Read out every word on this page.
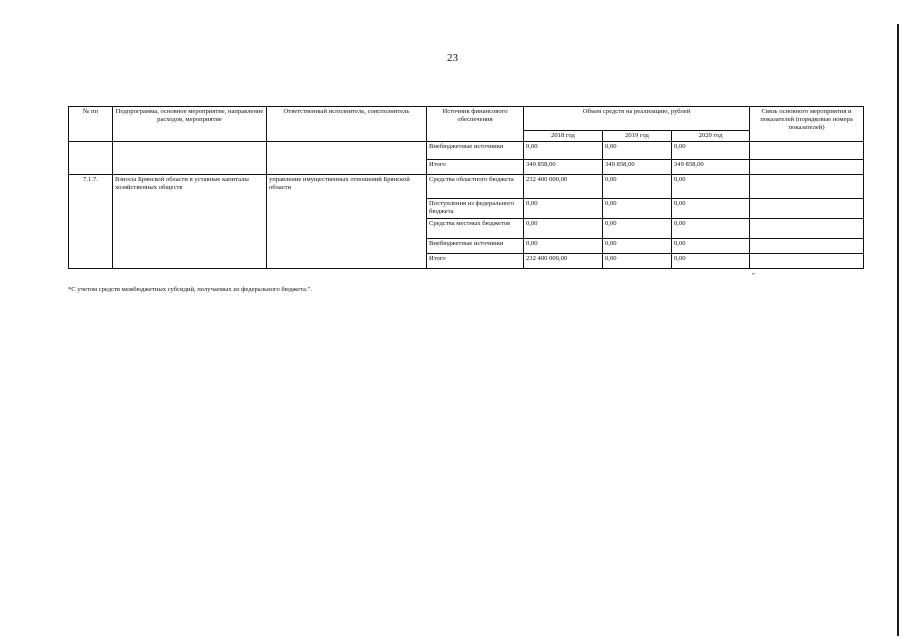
23
№ пп	Подпрограмма, основное мероприятие, направление расходов, мероприятие	Ответственный исполнитель, соисполнитель	Источник финансового обеспечения	Объем средств на реализацию, рублей			Связь основного мероприятия и показателей (порядковые номера показателей)
				2018 год	2019 год	2020 год	
			Внебюджетные источники	0,00	0,00	0,00	
			Итого	349 858,00	349 858,00	349 858,00	
7.1.7.	Взносы Брянской области в уставные капиталы хозяйственных обществ	управление имущественных отношений Брянской области	Средства областного бюджета	232 400 000,00	0,00	0,00	
			Поступления из федерального бюджета	0,00	0,00	0,00	
			Средства местных бюджетов	0,00	0,00	0,00	
			Внебюджетные источники	0,00	0,00	0,00	
			Итого	232 400 000,00	0,00	0,00	
"
*С учетом средств межбюджетных субсидий, получаемых из федерального бюджета.".
